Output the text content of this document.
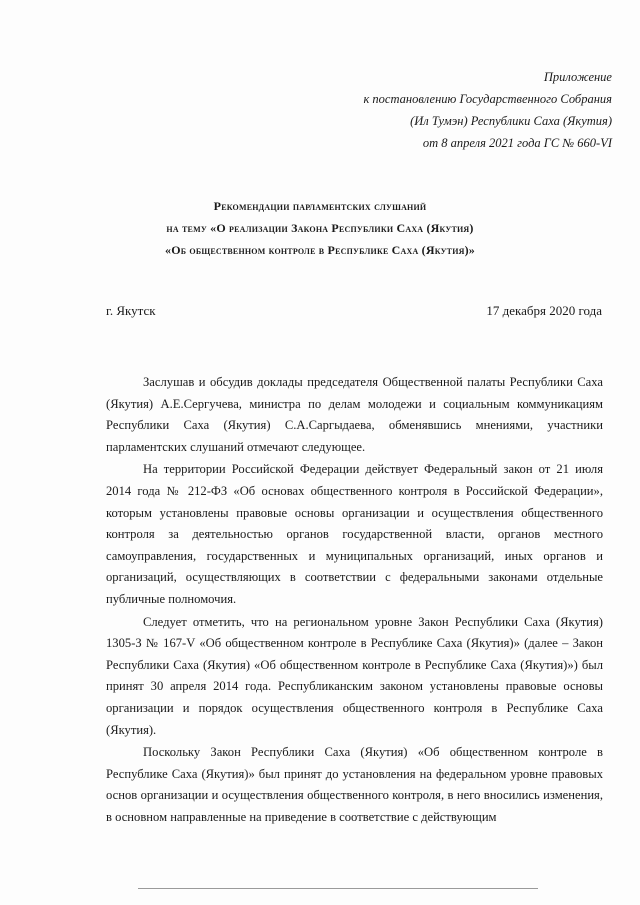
Приложение
к постановлению Государственного Собрания
(Ил Тумэн) Республики Саха (Якутия)
от 8 апреля 2021 года ГС № 660-VI
Рекомендации парламентских слушаний
на тему «О реализации Закона Республики Саха (Якутия)
«Об общественном контроле в Республике Саха (Якутия)»
г. Якутск	17 декабря 2020 года

Заслушав и обсудив доклады председателя Общественной палаты Республики Саха (Якутия) А.Е.Сергучева, министра по делам молодежи и социальным коммуникациям Республики Саха (Якутия) С.А.Саргыдаева, обменявшись мнениями, участники парламентских слушаний отмечают следующее.

На территории Российской Федерации действует Федеральный закон от 21 июля 2014 года № 212-ФЗ «Об основах общественного контроля в Российской Федерации», которым установлены правовые основы организации и осуществления общественного контроля за деятельностью органов государственной власти, органов местного самоуправления, государственных и муниципальных организаций, иных органов и организаций, осуществляющих в соответствии с федеральными законами отдельные публичные полномочия.

Следует отметить, что на региональном уровне Закон Республики Саха (Якутия) 1305-З № 167-V «Об общественном контроле в Республике Саха (Якутия)» (далее – Закон Республики Саха (Якутия) «Об общественном контроле в Республике Саха (Якутия)») был принят 30 апреля 2014 года. Республиканским законом установлены правовые основы организации и порядок осуществления общественного контроля в Республике Саха (Якутия).

Поскольку Закон Республики Саха (Якутия) «Об общественном контроле в Республике Саха (Якутия)» был принят до установления на федеральном уровне правовых основ организации и осуществления общественного контроля, в него вносились изменения, в основном направленные на приведение в соответствие с действующим
